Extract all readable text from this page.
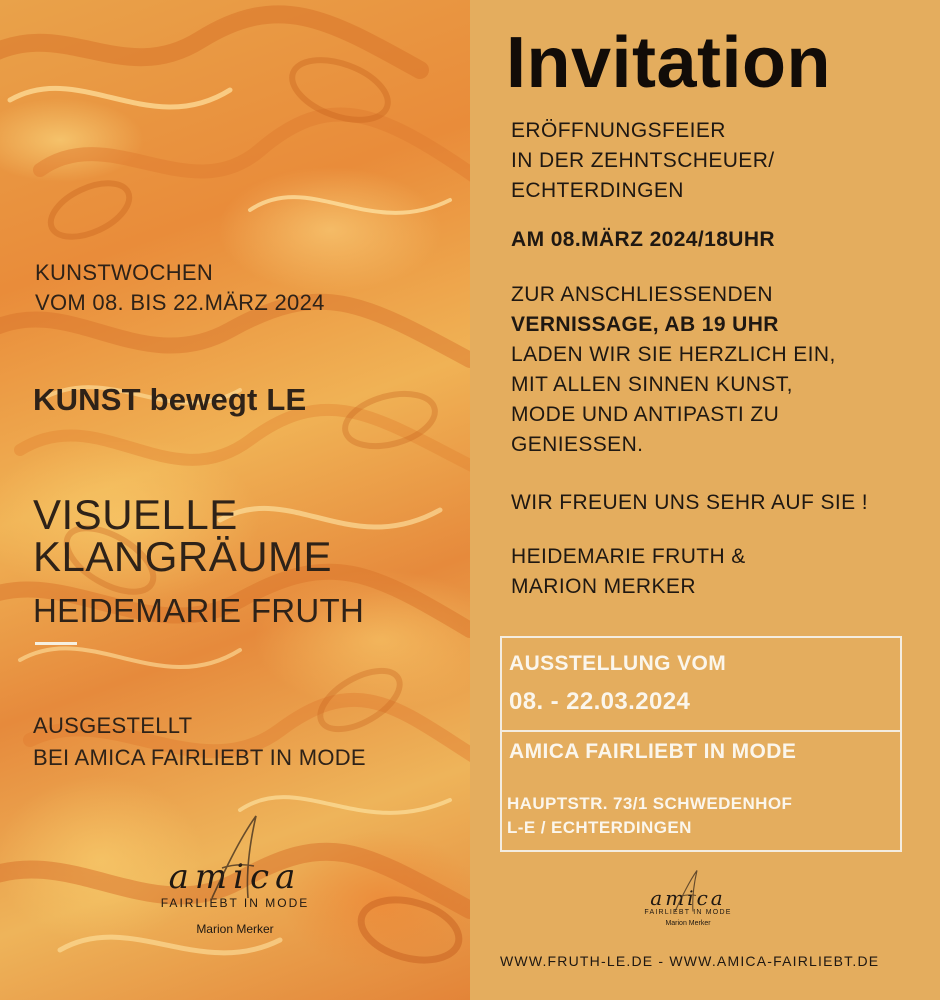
KUNSTWOCHEN
VOM 08. BIS 22.MÄRZ 2024
KUNST bewegt LE
VISUELLE
KLANGRÄUME
HEIDEMARIE FRUTH
AUSGESTELLT
BEI AMICA FAIRLIEBT IN MODE
amica
FAIRLIEBT IN MODE
Marion Merker
Invitation
ERÖFFNUNGSFEIER
IN DER ZEHNTSCHEUER/
ECHTERDINGEN
AM 08.MÄRZ 2024/18UHR
ZUR ANSCHLIESSENDEN
VERNISSAGE, AB 19 UHR
LADEN WIR SIE HERZLICH EIN,
MIT ALLEN SINNEN KUNST,
MODE UND ANTIPASTI ZU
GENIESSEN.
WIR FREUEN UNS SEHR AUF SIE !
HEIDEMARIE FRUTH &
MARION MERKER
AUSSTELLUNG VOM
08. - 22.03.2024
AMICA FAIRLIEBT IN MODE
HAUPTSTR. 73/1 SCHWEDENHOF
L-E / ECHTERDINGEN
WWW.FRUTH-LE.DE - WWW.AMICA-FAIRLIEBT.DE
amica
FAIRLIEBT IN MODE
Marion Merker
